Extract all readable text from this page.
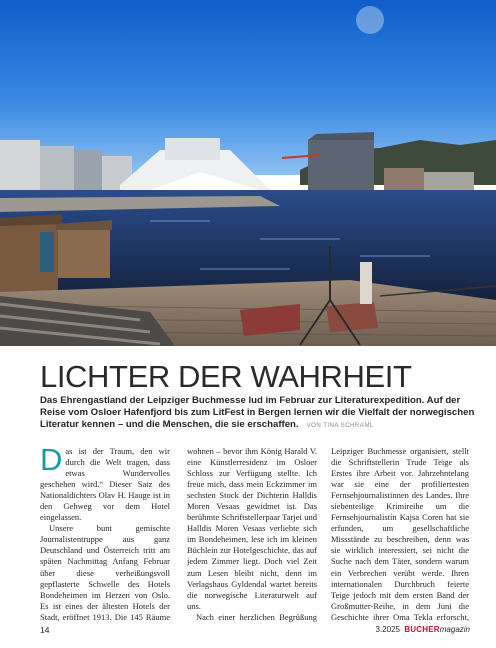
LICHTER DER WAHRHEIT

Das Ehrengastland der Leipziger Buchmesse lud im Februar zur Literaturexpedition. Auf der Reise vom Osloer Hafenfjord bis zum LitFest in Bergen lernen wir die Vielfalt der norwegischen Literatur kennen – und die Menschen, die sie erschaffen. VON TINA SCHRAML

Das ist der Traum, den wir durch die Welt tragen, dass etwas Wundervolles geschehen wird.“ Dieser Satz des Nationaldichters Olav H. Hauge ist in den Gehweg vor dem Hotel eingelassen.

Unsere bunt gemischte Journalistentruppe aus ganz Deutschland und Österreich tritt am späten Nachmittag Anfang Februar über diese verheißungsvoll gepflasterte Schwelle des Hotels Bondeheimen im Herzen von Oslo. Es ist eines der ältesten Hotels der Stadt, eröffnet 1913. Die 145 Räume

wohnen – bevor ihm König Harald V. eine Künstlerresidenz im Osloer Schloss zur Verfügung stellte. Ich freue mich, dass mein Eckzimmer im sechsten Stock der Dichterin Halldis Moren Vesaas gewidmet ist. Das berühmte Schriftstellerpaar Tarjei und Halldis Moren Vesaas verliebte sich im Bondeheimen, lese ich im kleinen Büchlein zur Hotelgeschichte, das auf jedem Zimmer liegt. Doch viel Zeit zum Lesen bleibt nicht, denn im Verlagshaus Gyldendal wartet bereits die norwegische Literaturwelt auf uns.

Nach einer herzlichen Begrüßung

Leipziger Buchmesse organisiert, stellt die Schriftstellerin Trude Teige als Erstes ihre Arbeit vor. Jahrzehntelang war sie eine der profiliertesten Fernsehjournalistinnen des Landes. Ihre siebenteilige Krimireihe um die Fernsehjournalistin Kajsa Coren hat sie erfunden, um gesellschaftliche Missstände zu beschreiben, denn was sie wirklich interessiert, sei nicht die Suche nach dem Täter, sondern warum ein Verbrechen verübt werde. Ihren internationalen Durchbruch feierte Teige jedoch mit dem ersten Band der Großmutter-Reihe, in dem Juni die Geschichte ihrer Oma Tekla erforscht,

14	3.2025 BUCHERmagazin
